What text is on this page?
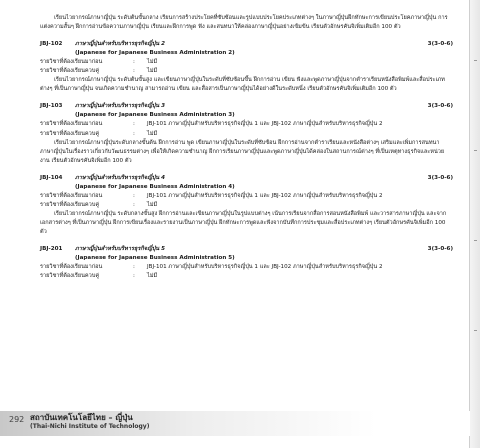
เรียนไวยากรณ์ภาษาญี่ปุ่น ระดับต้นขั้นกลาง เรียนการสร้างประโยคที่ซับซ้อนและรูปแบบประโยคประเภทต่างๆ ในภาษาญี่ปุ่นฝึกทักษะการเขียนประโยคภาษาญี่ปุ่น การแต่งความสั้นๆ ฝึกการอ่านข้อความภาษาญี่ปุ่น เรียนและฝึกการพูด ฟัง และสนทนาให้คล่องภาษาญี่ปุ่นอย่างเข้มข้น เรียนตัวอักษรคันจิเพิ่มเติมอีก 100 ตัว
JBJ-102	ภาษาญี่ปุ่นสำหรับบริหารธุรกิจญี่ปุ่น 2	3(3-0-6)
(Japanese for Japanese Business Administration 2)
รายวิชาที่ต้องเรียนมาก่อน	:	ไม่มี
รายวิชาที่ต้องเรียนควบคู่	:	ไม่มี
เรียนไวยากรณ์ภาษาญี่ปุ่น ระดับต้นขั้นสูง และเขียนภาษาญี่ปุ่นในระดับที่ซับซ้อนขึ้น ฝึกการอ่าน เขียน ฟังและพูดภาษาญี่ปุ่นจากตำราเรียนหนังสือพิมพ์และสื่อประเภทต่างๆ ที่เป็นภาษาญี่ปุ่น จนเกิดความชำนาญ สามารถอ่าน เขียน และสื่อสารเป็นภาษาญี่ปุ่นได้อย่างดีในระดับหนึ่ง เรียนตัวอักษรคันจิเพิ่มเติมอีก 100 ตัว
JBJ-103	ภาษาญี่ปุ่นสำหรับบริหารธุรกิจญี่ปุ่น 3	3(3-0-6)
(Japanese for Japanese Business Administration 3)
รายวิชาที่ต้องเรียนมาก่อน	:	JBJ-101 ภาษาญี่ปุ่นสำหรับบริหารธุรกิจญี่ปุ่น 1 และ JBJ-102 ภาษาญี่ปุ่นสำหรับบริหารธุรกิจญี่ปุ่น 2
รายวิชาที่ต้องเรียนควบคู่	:	ไม่มี
เรียนไวยากรณ์ภาษาญี่ปุ่นระดับกลางขั้นต้น ฝึกการอ่าน พูด เขียนภาษาญี่ปุ่นในระดับที่ซับซ้อน ฝึกการอ่านจากตำราเรียนและหนังสือต่างๆ เสริมและเพิ่มการสนทนาภาษาญี่ปุ่นในเรื่องราวเกี่ยวกับวัฒนธรรมต่างๆ เพื่อให้เกิดความชำนาญ ฝึกการเรียนภาษาญี่ปุ่นและพูดภาษาญี่ปุ่นได้คล่องในสถานการณ์ต่างๆ ที่เป็นเหตุทางธุรกิจและหน่วยงาน เรียนตัวอักษรคันจิเพิ่มอีก 100 ตัว
JBJ-104	ภาษาญี่ปุ่นสำหรับบริหารธุรกิจญี่ปุ่น 4	3(3-0-6)
(Japanese for Japanese Business Administration 4)
รายวิชาที่ต้องเรียนมาก่อน	:	JBJ-101 ภาษาญี่ปุ่นสำหรับบริหารธุรกิจญี่ปุ่น 1 และ JBJ-102 ภาษาญี่ปุ่นสำหรับบริหารธุรกิจญี่ปุ่น 2
รายวิชาที่ต้องเรียนควบคู่	:	ไม่มี
เรียนไวยากรณ์ภาษาญี่ปุ่น ระดับกลางขั้นสูง ฝึกการอ่านและเขียนภาษาญี่ปุ่นในรูปแบบต่างๆ เน้นการเรียนจากสื่อการสอนหนังสือพิมพ์ และวารสารภาษาญี่ปุ่น และจากเอกสารต่างๆ ที่เป็นภาษาญี่ปุ่น ฝึกการเขียนเรื่องและรายงานเป็นภาษาญี่ปุ่น ฝึกทักษะการพูดและฟังจากบันทึกการประชุมและสื่อประเภทต่างๆ เรียนตัวอักษรคันจิเพิ่มอีก 100 ตัว
JBJ-201	ภาษาญี่ปุ่นสำหรับบริหารธุรกิจญี่ปุ่น 5	3(3-0-6)
(Japanese for Japanese Business Administration 5)
รายวิชาที่ต้องเรียนมาก่อน	:	JBJ-101 ภาษาญี่ปุ่นสำหรับบริหารธุรกิจญี่ปุ่น 1 และ JBJ-102 ภาษาญี่ปุ่นสำหรับบริหารธุรกิจญี่ปุ่น 2
รายวิชาที่ต้องเรียนควบคู่	:	ไม่มี
292 สถาบันเทคโนโลยีไทย – ญี่ปุ่น
(Thai-Nichi Institute of Technology)
